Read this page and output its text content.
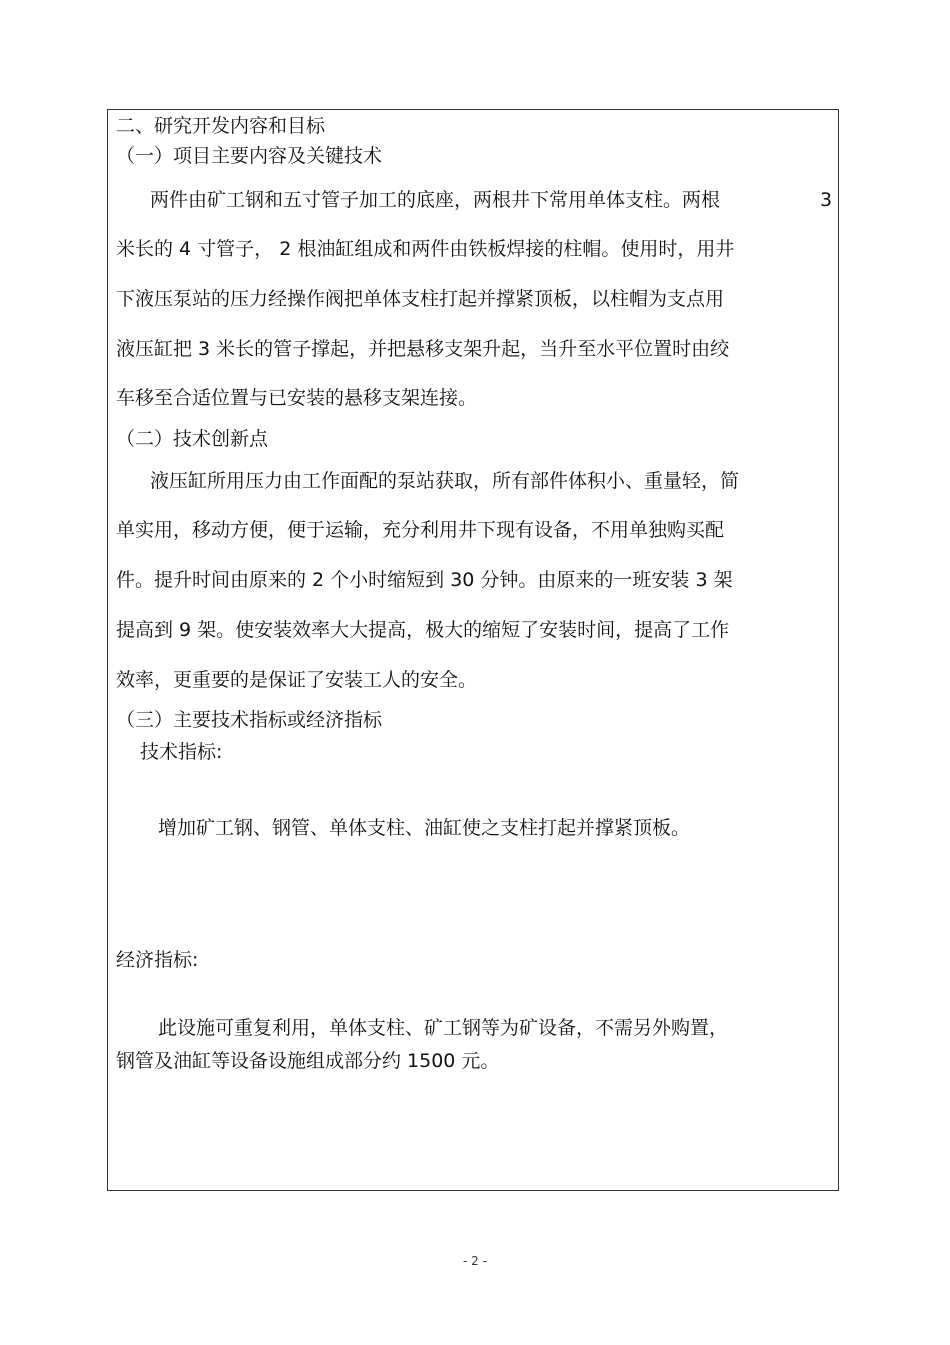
二、研究开发内容和目标
（一）项目主要内容及关键技术
两件由矿工钢和五寸管子加工的底座，两根井下常用单体支柱。两根	3
米长的 4 寸管子， 2 根油缸组成和两件由铁板焊接的柱帽。使用时，用井
下液压泵站的压力经操作阀把单体支柱打起并撑紧顶板，以柱帽为支点用
液压缸把 3 米长的管子撑起，并把悬移支架升起，当升至水平位置时由绞
车移至合适位置与已安装的悬移支架连接。
（二）技术创新点
液压缸所用压力由工作面配的泵站获取，所有部件体积小、重量轻，简
单实用，移动方便，便于运输，充分利用井下现有设备，不用单独购买配
件。提升时间由原来的 2 个小时缩短到 30 分钟。由原来的一班安装 3 架
提高到 9 架。使安装效率大大提高，极大的缩短了安装时间，提高了工作
效率，更重要的是保证了安装工人的安全。
（三）主要技术指标或经济指标
技术指标:
增加矿工钢、钢管、单体支柱、油缸使之支柱打起并撑紧顶板。
经济指标:
此设施可重复利用，单体支柱、矿工钢等为矿设备，不需另外购置，
钢管及油缸等设备设施组成部分约 1500 元。
- 2 -
